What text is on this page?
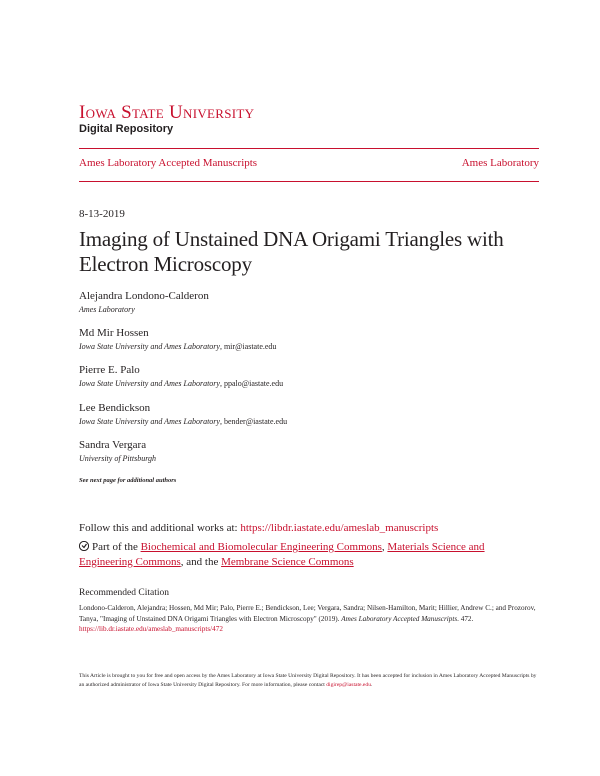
Iowa State University
Digital Repository
Ames Laboratory Accepted Manuscripts	Ames Laboratory
8-13-2019
Imaging of Unstained DNA Origami Triangles with Electron Microscopy
Alejandra Londono-Calderon
Ames Laboratory
Md Mir Hossen
Iowa State University and Ames Laboratory, mir@iastate.edu
Pierre E. Palo
Iowa State University and Ames Laboratory, ppalo@iastate.edu
Lee Bendickson
Iowa State University and Ames Laboratory, bender@iastate.edu
Sandra Vergara
University of Pittsburgh
See next page for additional authors
Follow this and additional works at: https://libdr.iastate.edu/ameslab_manuscripts
Part of the Biochemical and Biomolecular Engineering Commons, Materials Science and Engineering Commons, and the Membrane Science Commons
Recommended Citation
Londono-Calderon, Alejandra; Hossen, Md Mir; Palo, Pierre E.; Bendickson, Lee; Vergara, Sandra; Nilsen-Hamilton, Marit; Hillier, Andrew C.; and Prozorov, Tanya, "Imaging of Unstained DNA Origami Triangles with Electron Microscopy" (2019). Ames Laboratory Accepted Manuscripts. 472.
https://lib.dr.iastate.edu/ameslab_manuscripts/472
This Article is brought to you for free and open access by the Ames Laboratory at Iowa State University Digital Repository. It has been accepted for inclusion in Ames Laboratory Accepted Manuscripts by an authorized administrator of Iowa State University Digital Repository. For more information, please contact digirep@iastate.edu.
